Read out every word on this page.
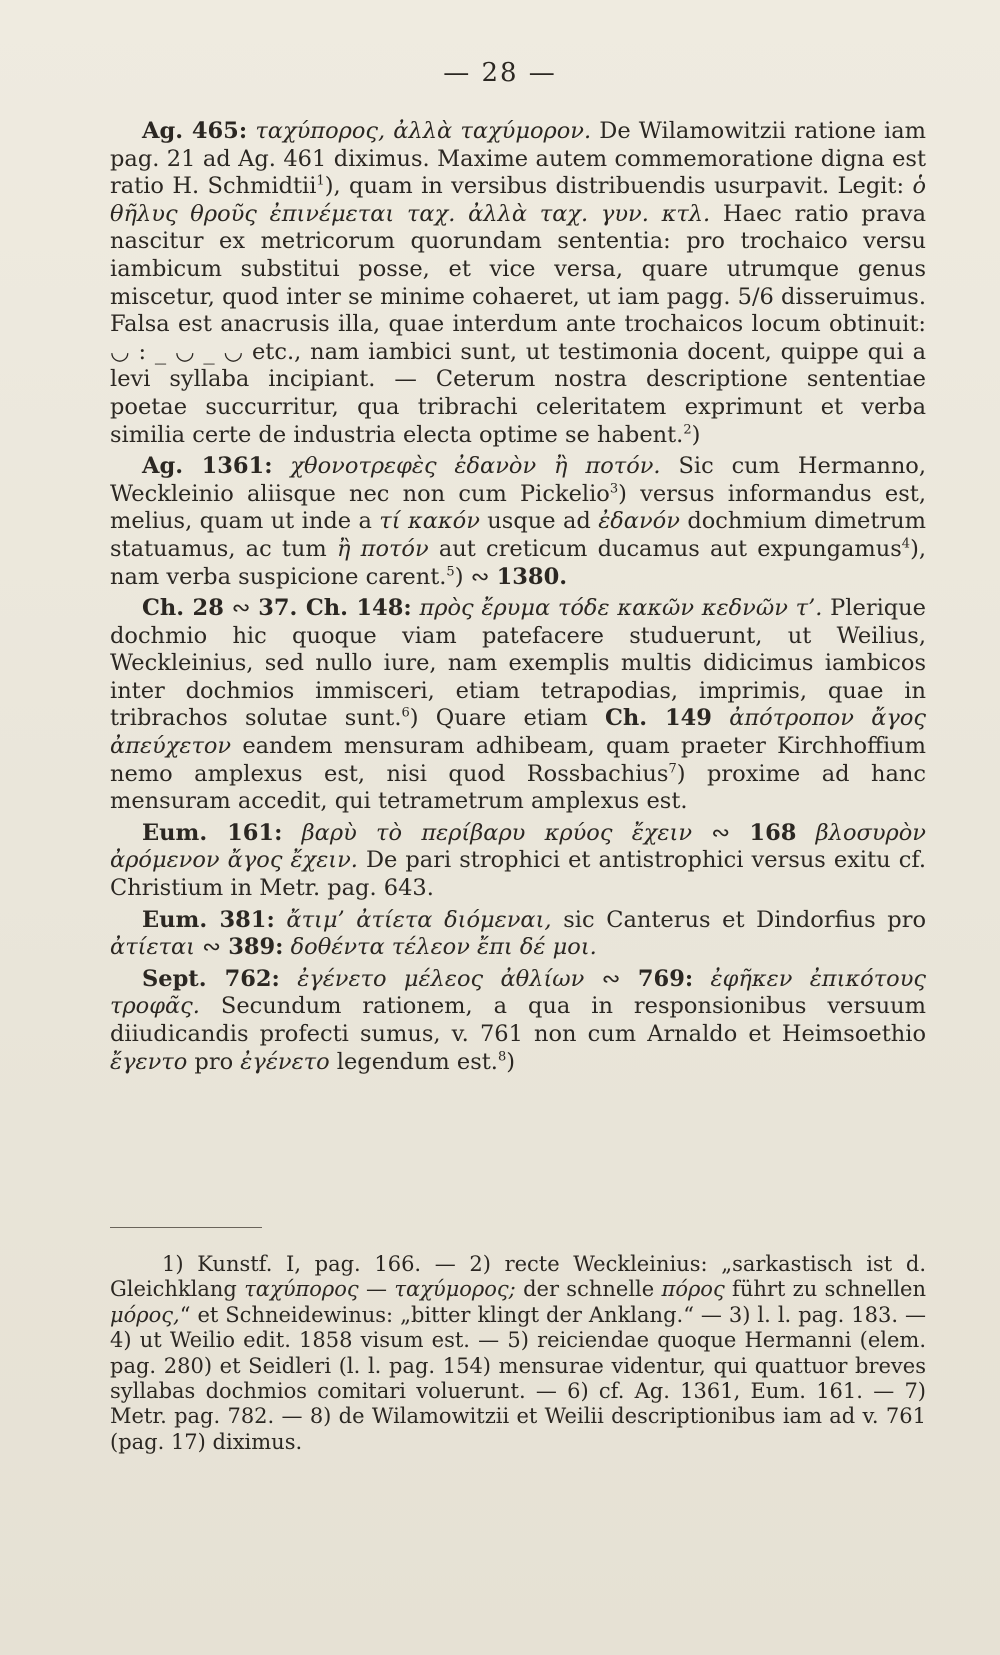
— 28 —

Ag. 465: ταχύπορος, ἀλλὰ ταχύμορον. De Wilamowitzii ratione iam pag. 21 ad Ag. 461 diximus. Maxime autem commemoratione digna est ratio H. Schmidtii$^1$), quam in versibus distribuendis usurpavit. Legit: ὁ θῆλυς θροῦς ἐπινέμεται ταχ. ἀλλὰ ταχ. γυν. κτλ. Haec ratio prava nascitur ex metricorum quorundam sententia: pro trochaico versu iambicum substitui posse, et vice versa, quare utrumque genus miscetur, quod inter se minime cohaeret, ut iam pagg. 5/6 disseruimus. Falsa est anacrusis illa, quae interdum ante trochaicos locum obtinuit: ◡ : _ ◡ _ ◡ etc., nam iambici sunt, ut testimonia docent, quippe qui a levi syllaba incipiant. — Ceterum nostra descriptione sententiae poetae succurritur, qua tribrachi celeritatem exprimunt et verba similia certe de industria electa optime se habent.$^2$)

Ag. 1361: χθονοτρεφὲς ἐδανὸν ἢ ποτόν. Sic cum Hermanno, Weckleinio aliisque nec non cum Pickelio$^3$) versus informandus est, melius, quam ut inde a τί κακόν usque ad ἐδανόν dochmium dimetrum statuamus, ac tum ἢ ποτόν aut creticum ducamus aut expungamus$^4$), nam verba suspicione carent.$^5$) ∾ 1380.

Ch. 28 ∾ 37. Ch. 148: πρὸς ἔρυμα τόδε κακῶν κεδνῶν τ’. Plerique dochmio hic quoque viam patefacere studuerunt, ut Weilius, Weckleinius, sed nullo iure, nam exemplis multis didicimus iambicos inter dochmios immisceri, etiam tetrapodias, imprimis, quae in tribrachos solutae sunt.$^6$) Quare etiam Ch. 149 ἀπότροπον ἄγος ἀπεύχετον eandem mensuram adhibeam, quam praeter Kirchhoffium nemo amplexus est, nisi quod Rossbachius$^7$) proxime ad hanc mensuram accedit, qui tetrametrum amplexus est.

Eum. 161: βαρὺ τὸ περίβαρυ κρύος ἔχειν ∾ 168 βλοσυρὸν ἀρόμενον ἄγος ἔχειν. De pari strophici et antistrophici versus exitu cf. Christium in Metr. pag. 643.

Eum. 381: ἄτιμ’ ἀτίετα διόμεναι, sic Canterus et Dindorfius pro ἀτίεται ∾ 389: δοθέντα τέλεον ἔπι δέ μοι.

Sept. 762: ἐγένετο μέλεος ἀθλίων ∾ 769: ἐφῆκεν ἐπικότους τροφᾶς. Secundum rationem, a qua in responsionibus versuum diiudicandis profecti sumus, v. 761 non cum Arnaldo et Heimsoethio ἔγεντο pro ἐγένετο legendum est.$^8$)

1) Kunstf. I, pag. 166. — 2) recte Weckleinius: „sarkastisch ist d. Gleichklang ταχύπορος — ταχύμορος; der schnelle πόρος führt zu schnellen μόρος,“ et Schneidewinus: „bitter klingt der Anklang.“ — 3) l. l. pag. 183. — 4) ut Weilio edit. 1858 visum est. — 5) reiciendae quoque Hermanni (elem. pag. 280) et Seidleri (l. l. pag. 154) mensurae videntur, qui quattuor breves syllabas dochmios comitari voluerunt. — 6) cf. Ag. 1361, Eum. 161. — 7) Metr. pag. 782. — 8) de Wilamowitzii et Weilii descriptionibus iam ad v. 761 (pag. 17) diximus.
